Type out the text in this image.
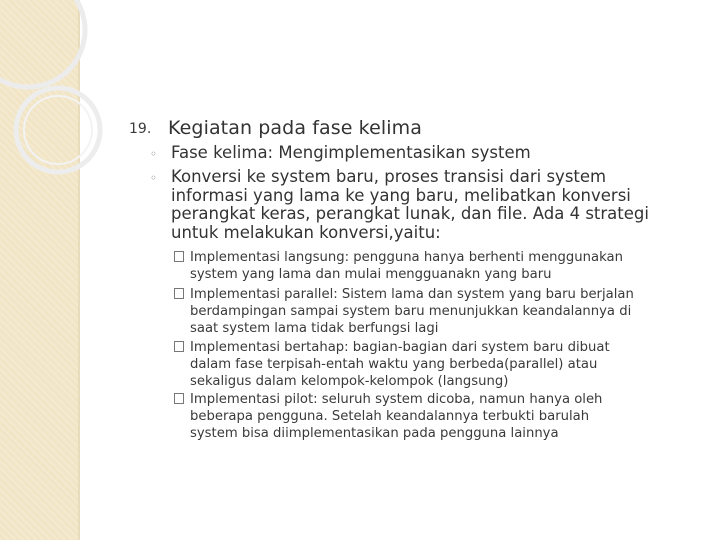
19. Kegiatan pada fase kelima
◦ Fase kelima: Mengimplementasikan system
◦ Konversi ke system baru, proses transisi dari system
informasi yang lama ke yang baru, melibatkan konversi
perangkat keras, perangkat lunak, dan file. Ada 4 strategi
untuk melakukan konversi,yaitu:
Implementasi langsung: pengguna hanya berhenti menggunakan
system yang lama dan mulai mengguanakn yang baru
Implementasi parallel: Sistem lama dan system yang baru berjalan
berdampingan sampai system baru menunjukkan keandalannya di
saat system lama tidak berfungsi lagi
Implementasi bertahap: bagian-bagian dari system baru dibuat
dalam fase terpisah-entah waktu yang berbeda(parallel) atau
sekaligus dalam kelompok-kelompok (langsung)
Implementasi pilot: seluruh system dicoba, namun hanya oleh
beberapa pengguna. Setelah keandalannya terbukti barulah
system bisa diimplementasikan pada pengguna lainnya
